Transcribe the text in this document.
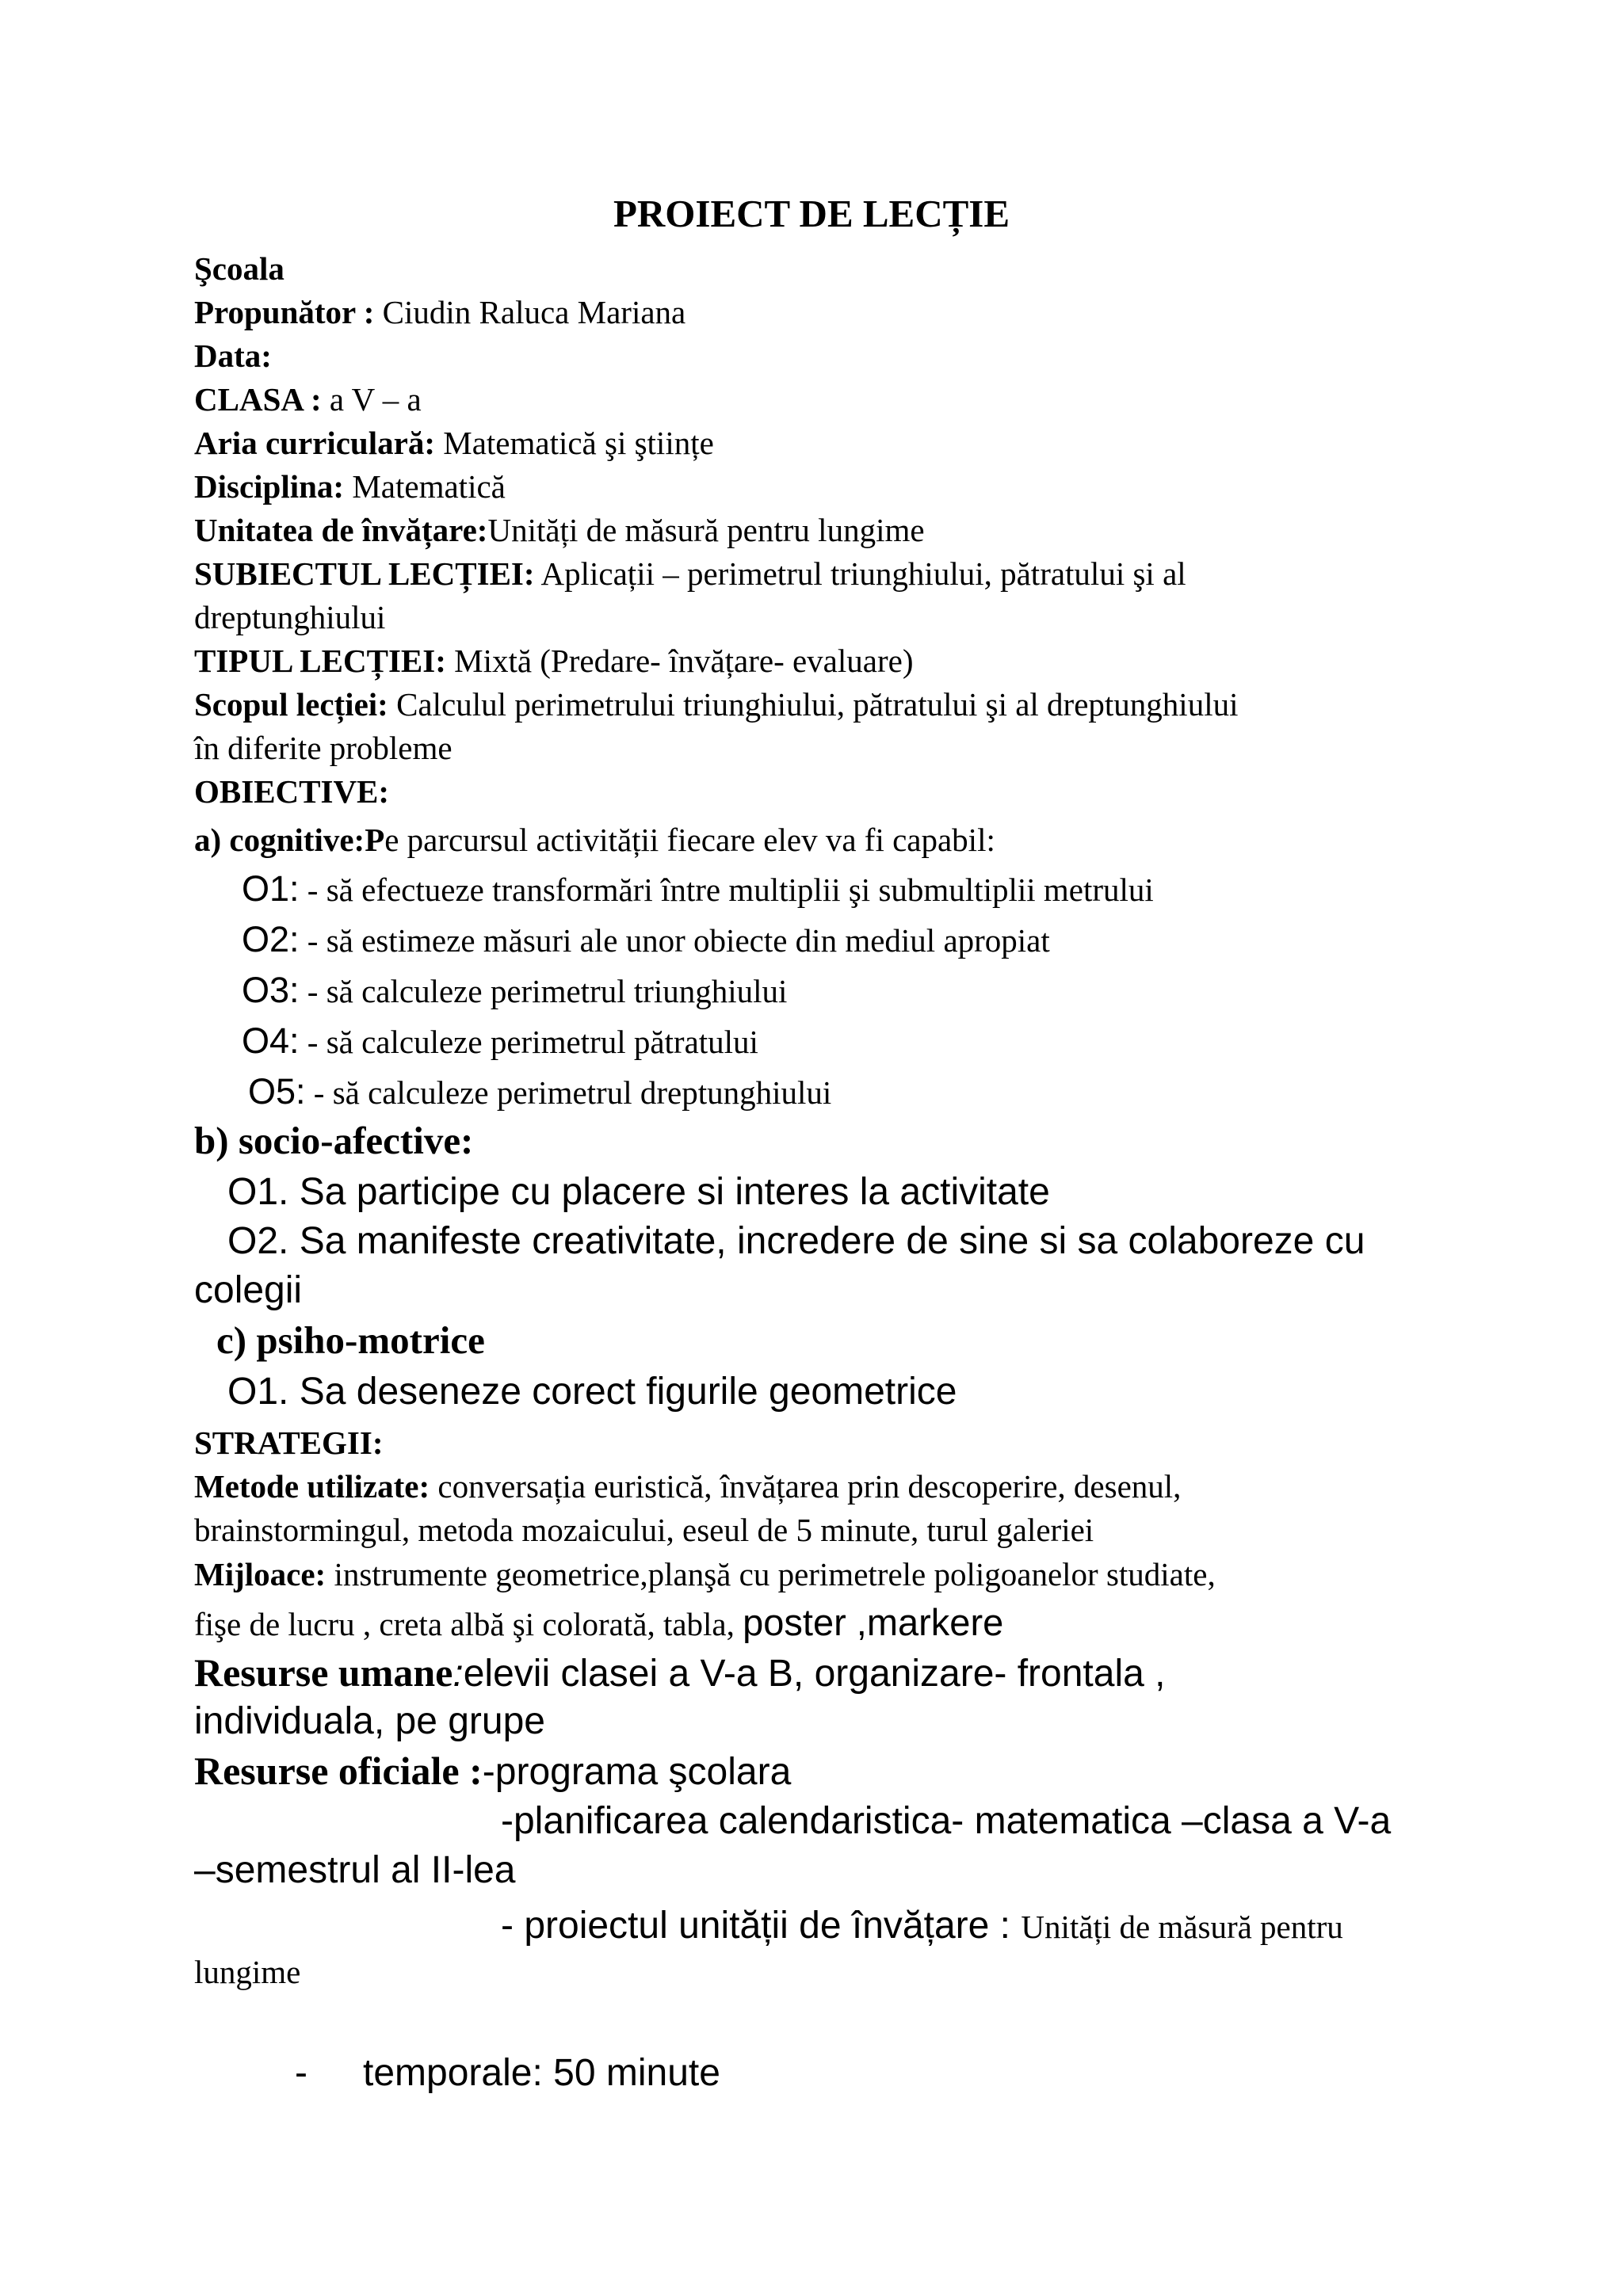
PROIECT DE LECȚIE
Şcoala
Propunător : Ciudin Raluca Mariana
Data:
CLASA : a V – a
Aria curriculară: Matematică şi ştiințe
Disciplina: Matematică
Unitatea de învățare:Unități de măsură pentru lungime
SUBIECTUL LECȚIEI: Aplicații – perimetrul triunghiului, pătratului şi al
dreptunghiului
TIPUL LECȚIEI: Mixtă (Predare- învățare- evaluare)
Scopul lecției: Calculul perimetrului triunghiului, pătratului şi al dreptunghiului
în diferite probleme
OBIECTIVE:
a) cognitive:Pe parcursul activității fiecare elev va fi capabil:
O1: - să efectueze transformări între multiplii şi submultiplii metrului
O2: - să estimeze măsuri ale unor obiecte din mediul apropiat
O3: - să calculeze perimetrul triunghiului
O4: - să calculeze perimetrul pătratului
O5: - să calculeze perimetrul dreptunghiului
b) socio-afective:
O1. Sa participe cu placere si interes la activitate
O2. Sa manifeste creativitate, incredere de sine si sa colaboreze cu
colegii
c) psiho-motrice
O1. Sa deseneze corect figurile geometrice
STRATEGII:
Metode utilizate: conversația euristică, învățarea prin descoperire, desenul,
brainstormingul, metoda mozaicului, eseul de 5 minute, turul galeriei
Mijloace: instrumente geometrice,planşă cu perimetrele poligoanelor studiate,
fişe de lucru , creta albă şi colorată, tabla, poster ,markere
Resurse umane:elevii clasei a V-a B, organizare- frontala ,
individuala, pe grupe
Resurse oficiale :-programa şcolara
-planificarea calendaristica- matematica –clasa a V-a
–semestrul al II-lea
- proiectul unității de învățare : Unități de măsură pentru
lungime
-	temporale: 50 minute
